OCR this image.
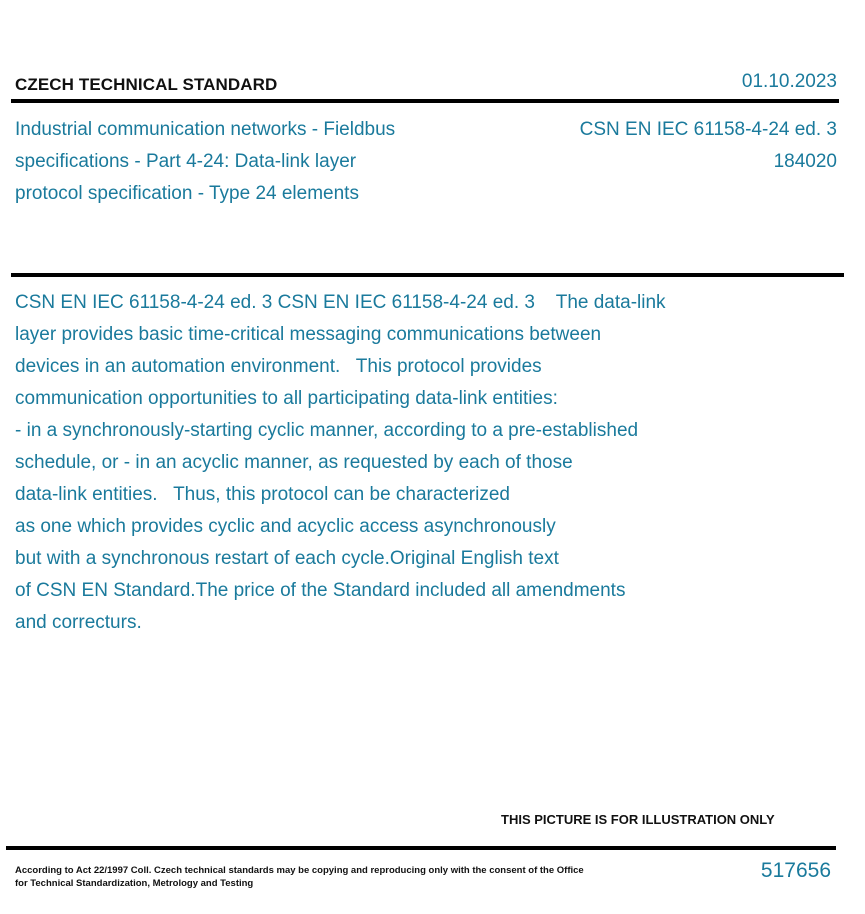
CZECH TECHNICAL STANDARD	01.10.2023
Industrial communication networks - Fieldbus
specifications - Part 4-24: Data-link layer
protocol specification - Type 24 elements
CSN EN IEC 61158-4-24 ed. 3
184020
CSN EN IEC 61158-4-24 ed. 3 CSN EN IEC 61158-4-24 ed. 3    The data-link
layer provides basic time-critical messaging communications between
devices in an automation environment.   This protocol provides
communication opportunities to all participating data-link entities:
- in a synchronously-starting cyclic manner, according to a pre-established
schedule, or - in an acyclic manner, as requested by each of those
data-link entities.   Thus, this protocol can be characterized
as one which provides cyclic and acyclic access asynchronously
but with a synchronous restart of each cycle.Original English text
of CSN EN Standard.The price of the Standard included all amendments
and correcturs.
THIS PICTURE IS FOR ILLUSTRATION ONLY
According to Act 22/1997 Coll. Czech technical standards may be copying and reproducing only with the consent of the Office
for Technical Standardization, Metrology and Testing
517656
